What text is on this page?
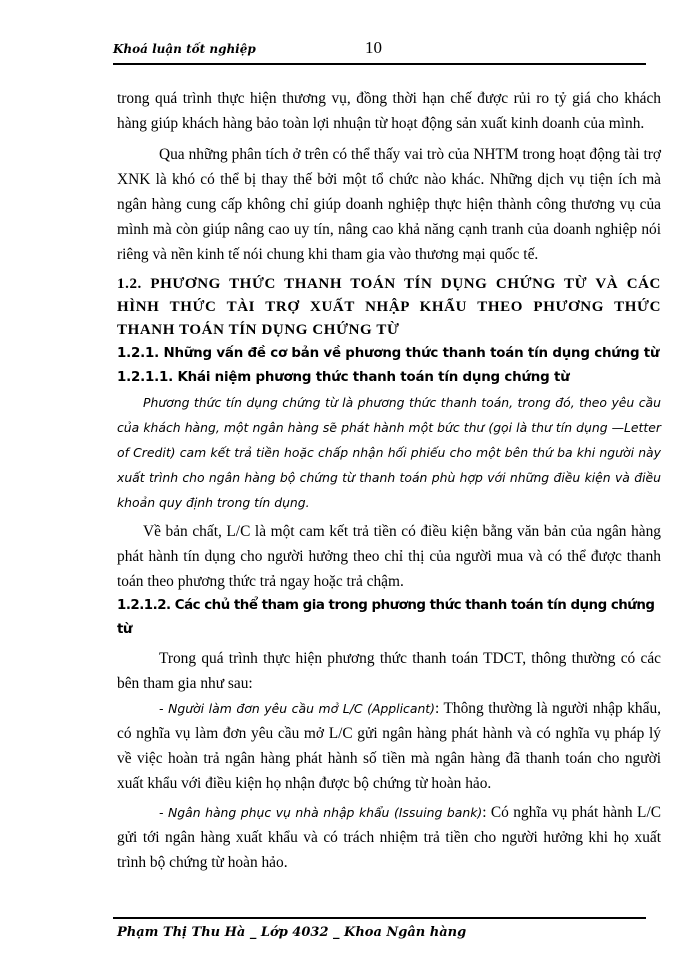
Khoá luận tốt nghiệp	10

trong quá trình thực hiện thương vụ, đồng thời hạn chế được rủi ro tỷ giá cho khách hàng giúp khách hàng bảo toàn lợi nhuận từ hoạt động sản xuất kinh doanh của mình.

Qua những phân tích ở trên có thể thấy vai trò của NHTM trong hoạt động tài trợ XNK là khó có thể bị thay thế bởi một tổ chức nào khác. Những dịch vụ tiện ích mà ngân hàng cung cấp không chỉ giúp doanh nghiệp thực hiện thành công thương vụ của mình mà còn giúp nâng cao uy tín, nâng cao khả năng cạnh tranh của doanh nghiệp nói riêng và nền kinh tế nói chung khi tham gia vào thương mại quốc tế.

1.2. PHƯƠNG THỨC THANH TOÁN TÍN DỤNG CHỨNG TỪ VÀ CÁC HÌNH THỨC TÀI TRỢ XUẤT NHẬP KHẨU THEO PHƯƠNG THỨC THANH TOÁN TÍN DỤNG CHỨNG TỪ
1.2.1. Những vấn đề cơ bản về phương thức thanh toán tín dụng chứng từ
1.2.1.1. Khái niệm phương thức thanh toán tín dụng chứng từ

Phương thức tín dụng chứng từ là phương thức thanh toán, trong đó, theo yêu cầu của khách hàng, một ngân hàng sẽ phát hành một bức thư (gọi là thư tín dụng —Letter of Credit) cam kết trả tiền hoặc chấp nhận hối phiếu cho một bên thứ ba khi người này xuất trình cho ngân hàng bộ chứng từ thanh toán phù hợp với những điều kiện và điều khoản quy định trong tín dụng.

Về bản chất, L/C là một cam kết trả tiền có điều kiện bằng văn bản của ngân hàng phát hành tín dụng cho người hưởng theo chỉ thị của người mua và có thể được thanh toán theo phương thức trả ngay hoặc trả chậm.

1.2.1.2. Các chủ thể tham gia trong phương thức thanh toán tín dụng chứng từ

Trong quá trình thực hiện phương thức thanh toán TDCT, thông thường có các bên tham gia như sau:

- Người làm đơn yêu cầu mở L/C (Applicant): Thông thường là người nhập khẩu, có nghĩa vụ làm đơn yêu cầu mở L/C gửi ngân hàng phát hành và có nghĩa vụ pháp lý về việc hoàn trả ngân hàng phát hành số tiền mà ngân hàng đã thanh toán cho người xuất khẩu với điều kiện họ nhận được bộ chứng từ hoàn hảo.

- Ngân hàng phục vụ nhà nhập khẩu (Issuing bank): Có nghĩa vụ phát hành L/C gửi tới ngân hàng xuất khẩu và có trách nhiệm trả tiền cho người hưởng khi họ xuất trình bộ chứng từ hoàn hảo.

Phạm Thị Thu Hà _ Lớp 4032 _ Khoa Ngân hàng
